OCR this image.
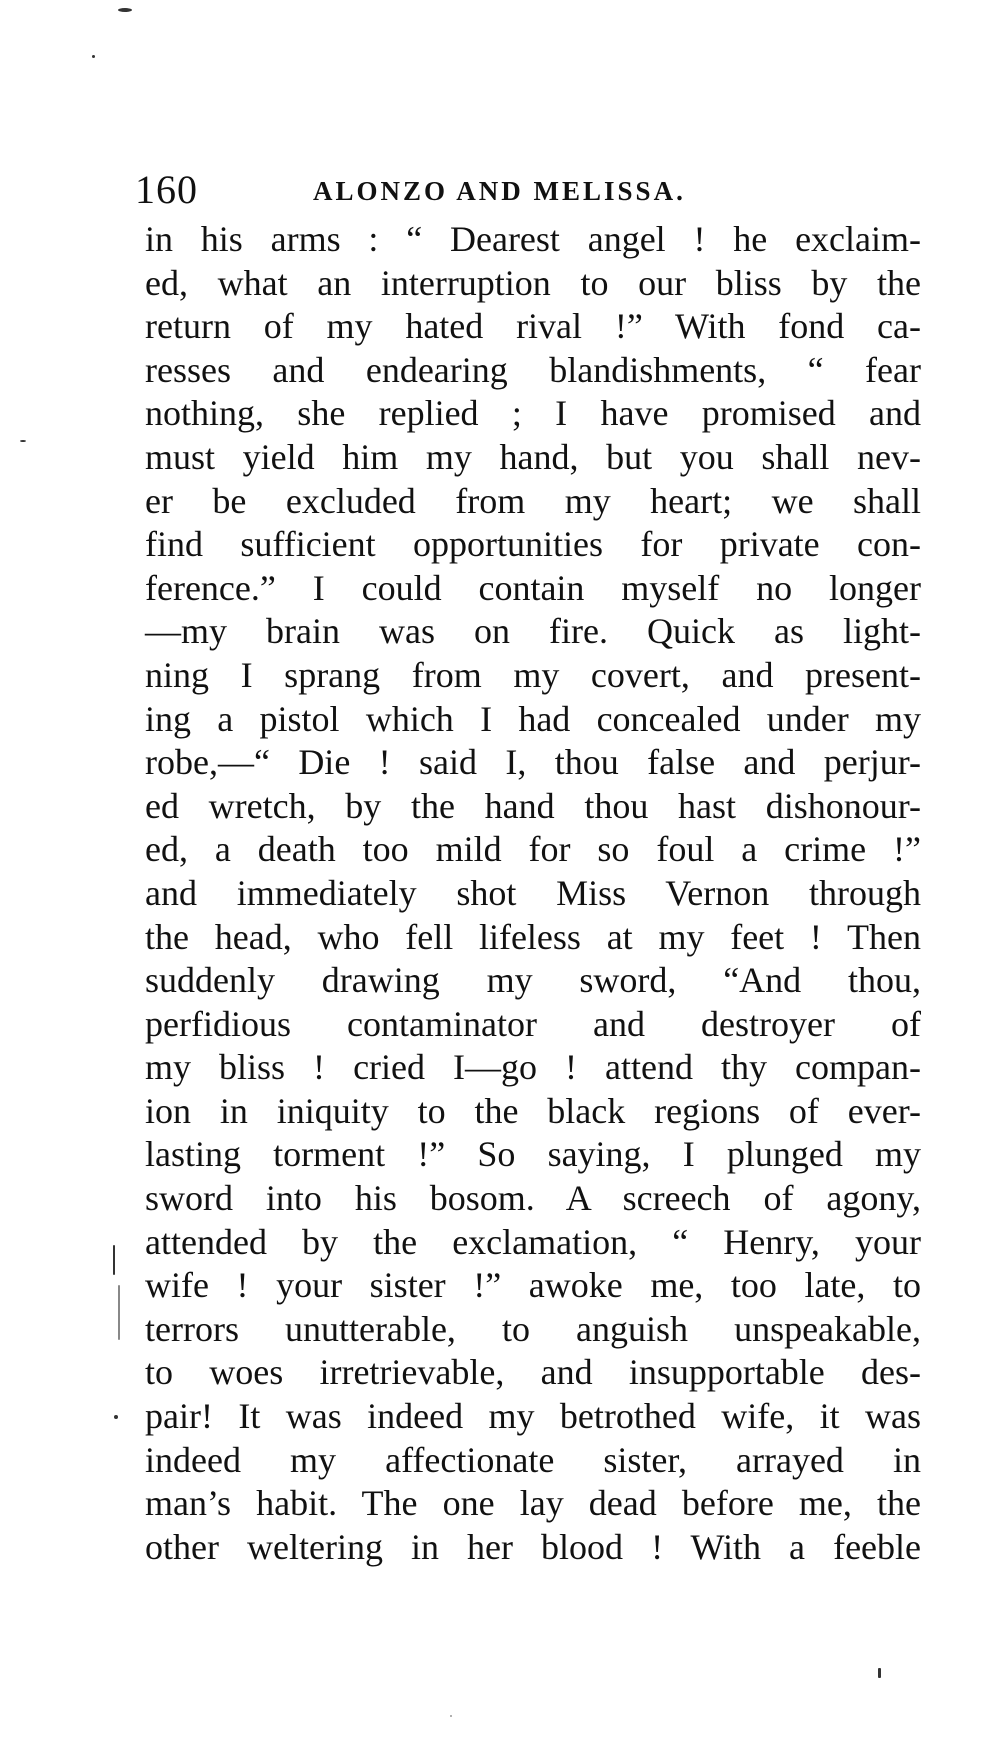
160	ALONZO AND MELISSA.
in his arms : “ Dearest angel ! he exclaim-
ed, what an interruption to our bliss by the
return of my hated rival !” With fond ca-
resses and endearing blandishments, “ fear
nothing, she replied ; I have promised and
must yield him my hand, but you shall nev-
er be excluded from my heart; we shall
find sufficient opportunities for private con-
ference.” I could contain myself no longer
—my brain was on fire. Quick as light-
ning I sprang from my covert, and present-
ing a pistol which I had concealed under my
robe,—“ Die ! said I, thou false and perjur-
ed wretch, by the hand thou hast dishonour-
ed, a death too mild for so foul a crime !”
and immediately shot Miss Vernon through
the head, who fell lifeless at my feet ! Then
suddenly drawing my sword, “And thou,
perfidious contaminator and destroyer of
my bliss ! cried I—go ! attend thy compan-
ion in iniquity to the black regions of ever-
lasting torment !” So saying, I plunged my
sword into his bosom. A screech of agony,
attended by the exclamation, “ Henry, your
wife ! your sister !” awoke me, too late, to
terrors unutterable, to anguish unspeakable,
to woes irretrievable, and insupportable des-
pair! It was indeed my betrothed wife, it was
indeed my affectionate sister, arrayed in
man’s habit. The one lay dead before me, the
other weltering in her blood ! With a feeble
